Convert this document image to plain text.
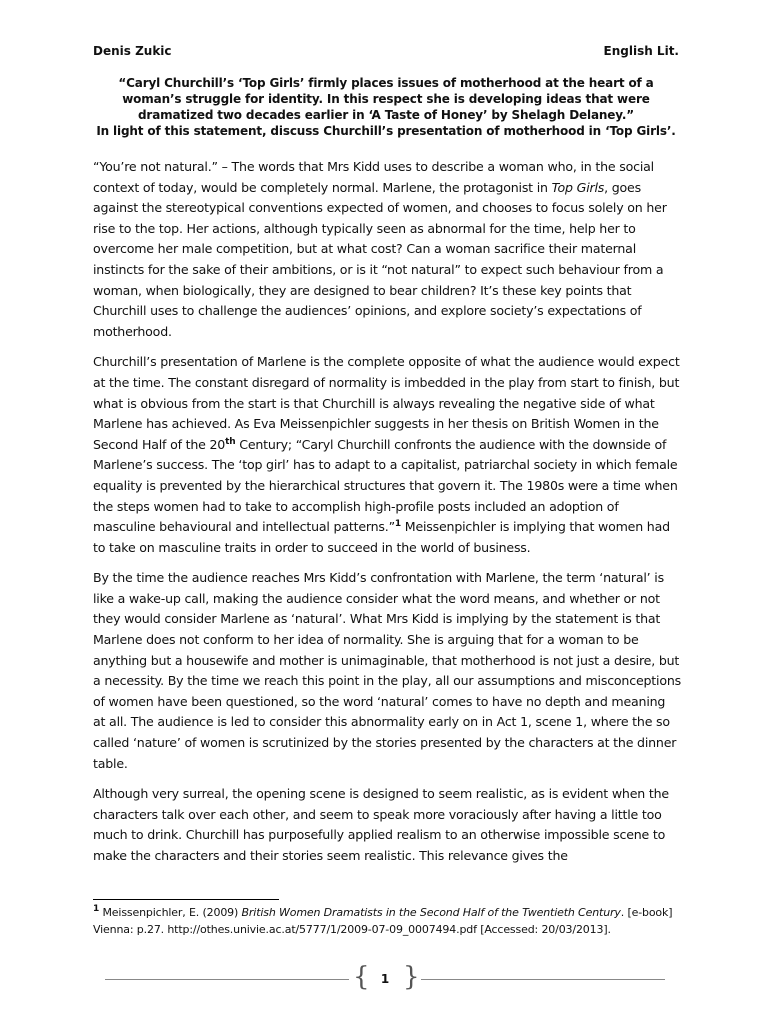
Denis Zukic	English Lit.

“Caryl Churchill’s ‘Top Girls’ firmly places issues of motherhood at the heart of a woman’s struggle for identity. In this respect she is developing ideas that were dramatized two decades earlier in ‘A Taste of Honey’ by Shelagh Delaney.”

In light of this statement, discuss Churchill’s presentation of motherhood in ‘Top Girls’.

“You’re not natural.” – The words that Mrs Kidd uses to describe a woman who, in the social context of today, would be completely normal. Marlene, the protagonist in Top Girls, goes against the stereotypical conventions expected of women, and chooses to focus solely on her rise to the top. Her actions, although typically seen as abnormal for the time, help her to overcome her male competition, but at what cost? Can a woman sacrifice their maternal instincts for the sake of their ambitions, or is it “not natural” to expect such behaviour from a woman, when biologically, they are designed to bear children? It’s these key points that Churchill uses to challenge the audiences’ opinions, and explore society’s expectations of motherhood.

Churchill’s presentation of Marlene is the complete opposite of what the audience would expect at the time. The constant disregard of normality is imbedded in the play from start to finish, but what is obvious from the start is that Churchill is always revealing the negative side of what Marlene has achieved. As Eva Meissenpichler suggests in her thesis on British Women in the Second Half of the 20th Century; “Caryl Churchill confronts the audience with the downside of Marlene’s success. The ‘top girl’ has to adapt to a capitalist, patriarchal society in which female equality is prevented by the hierarchical structures that govern it. The 1980s were a time when the steps women had to take to accomplish high-profile posts included an adoption of masculine behavioural and intellectual patterns.”$^1$ Meissenpichler is implying that women had to take on masculine traits in order to succeed in the world of business.

By the time the audience reaches Mrs Kidd’s confrontation with Marlene, the term ‘natural’ is like a wake-up call, making the audience consider what the word means, and whether or not they would consider Marlene as ‘natural’. What Mrs Kidd is implying by the statement is that Marlene does not conform to her idea of normality. She is arguing that for a woman to be anything but a housewife and mother is unimaginable, that motherhood is not just a desire, but a necessity. By the time we reach this point in the play, all our assumptions and misconceptions of women have been questioned, so the word ‘natural’ comes to have no depth and meaning at all. The audience is led to consider this abnormality early on in Act 1, scene 1, where the so called ‘nature’ of women is scrutinized by the stories presented by the characters at the dinner table.

Although very surreal, the opening scene is designed to seem realistic, as is evident when the characters talk over each other, and seem to speak more voraciously after having a little too much to drink. Churchill has purposefully applied realism to an otherwise impossible scene to make the characters and their stories seem realistic. This relevance gives the

$^1$ Meissenpichler, E. (2009) British Women Dramatists in the Second Half of the Twentieth Century. [e-book] Vienna: p.27. http://othes.univie.ac.at/5777/1/2009-07-09_0007494.pdf [Accessed: 20/03/2013].
{ 1 }
